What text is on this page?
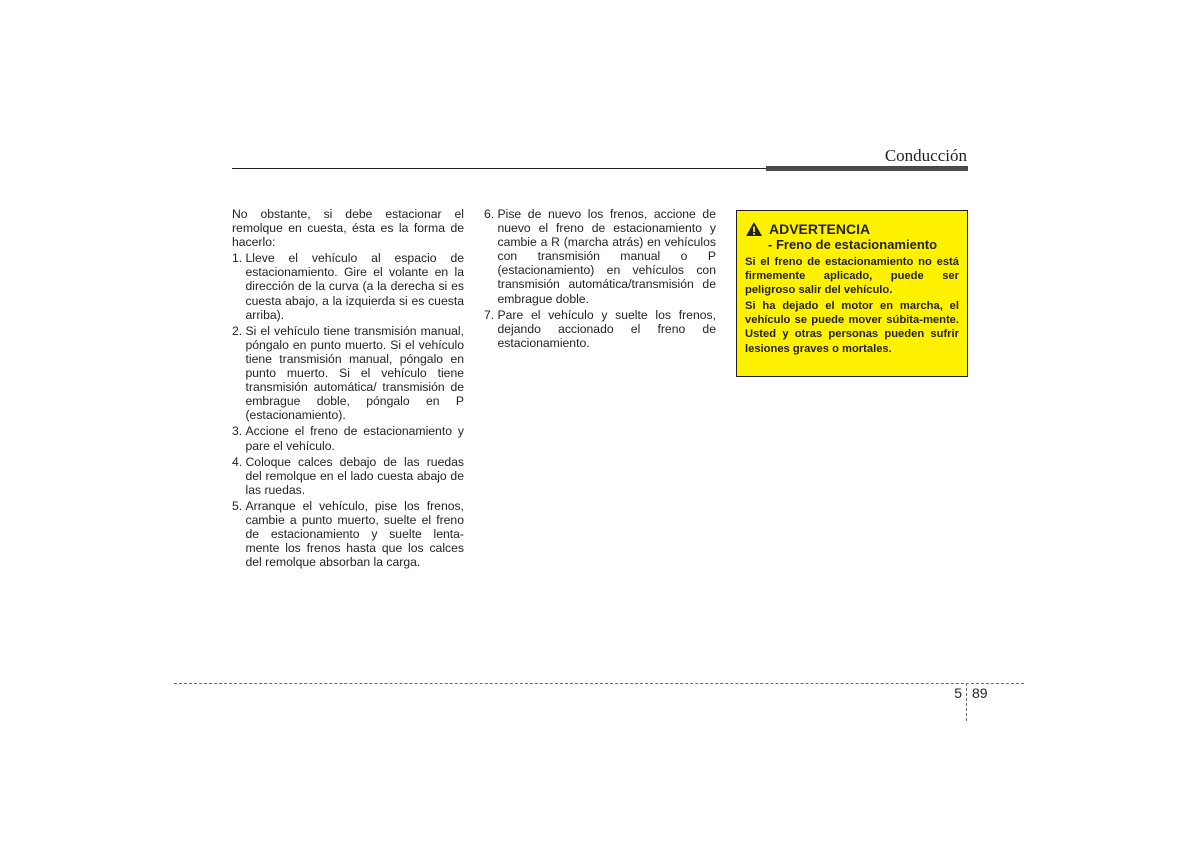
Conducción

No obstante, si debe estacionar el remolque en cuesta, ésta es la forma de hacerlo:

1. Lleve el vehículo al espacio de estacionamiento. Gire el volante en la dirección de la curva (a la derecha si es cuesta abajo, a la izquierda si es cuesta arriba).
2. Si el vehículo tiene transmisión manual, póngalo en punto muerto. Si el vehículo tiene transmisión manual, póngalo en punto muerto. Si el vehículo tiene transmisión automática/ transmisión de embrague doble, póngalo en P (estacionamiento).
3. Accione el freno de estacionamiento y pare el vehículo.
4. Coloque calces debajo de las ruedas del remolque en el lado cuesta abajo de las ruedas.
5. Arranque el vehículo, pise los frenos, cambie a punto muerto, suelte el freno de estacionamiento y suelte lenta-mente los frenos hasta que los calces del remolque absorban la carga.
6. Pise de nuevo los frenos, accione de nuevo el freno de estacionamiento y cambie a R (marcha atrás) en vehículos con transmisión manual o P (estacionamiento) en vehículos con transmisión automática/transmisión de embrague doble.
7. Pare el vehículo y suelte los frenos, dejando accionado el freno de estacionamiento.
ADVERTENCIA
- Freno de estacionamiento

Si el freno de estacionamiento no está firmemente aplicado, puede ser peligroso salir del vehículo.

Si ha dejado el motor en marcha, el vehículo se puede mover súbita-mente. Usted y otras personas pueden sufrir lesiones graves o mortales.

5 89
